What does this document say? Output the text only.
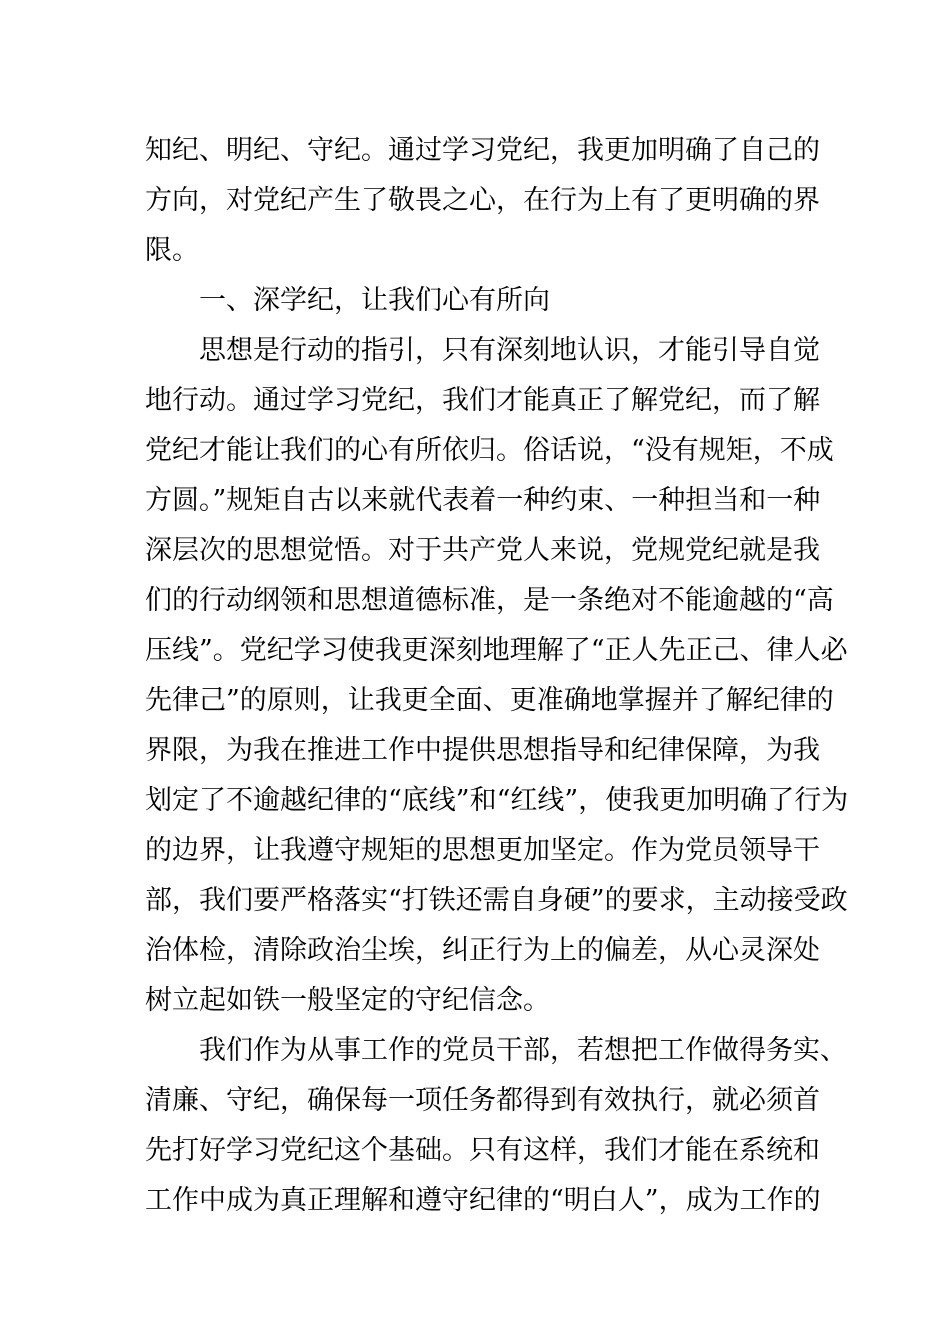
知纪、明纪、守纪。通过学习党纪，我更加明确了自己的
方向，对党纪产生了敬畏之心，在行为上有了更明确的界
限。
一、深学纪，让我们心有所向
思想是行动的指引，只有深刻地认识，才能引导自觉
地行动。通过学习党纪，我们才能真正了解党纪，而了解
党纪才能让我们的心有所依归。俗话说，“没有规矩，不成
方圆。”规矩自古以来就代表着一种约束、一种担当和一种
深层次的思想觉悟。对于共产党人来说，党规党纪就是我
们的行动纲领和思想道德标准，是一条绝对不能逾越的“高
压线”。党纪学习使我更深刻地理解了“正人先正己、律人必
先律己”的原则，让我更全面、更准确地掌握并了解纪律的
界限，为我在推进工作中提供思想指导和纪律保障，为我
划定了不逾越纪律的“底线”和“红线”，使我更加明确了行为
的边界，让我遵守规矩的思想更加坚定。作为党员领导干
部，我们要严格落实“打铁还需自身硬”的要求，主动接受政
治体检，清除政治尘埃，纠正行为上的偏差，从心灵深处
树立起如铁一般坚定的守纪信念。
我们作为从事工作的党员干部，若想把工作做得务实、
清廉、守纪，确保每一项任务都得到有效执行，就必须首
先打好学习党纪这个基础。只有这样，我们才能在系统和
工作中成为真正理解和遵守纪律的“明白人”，成为工作的
